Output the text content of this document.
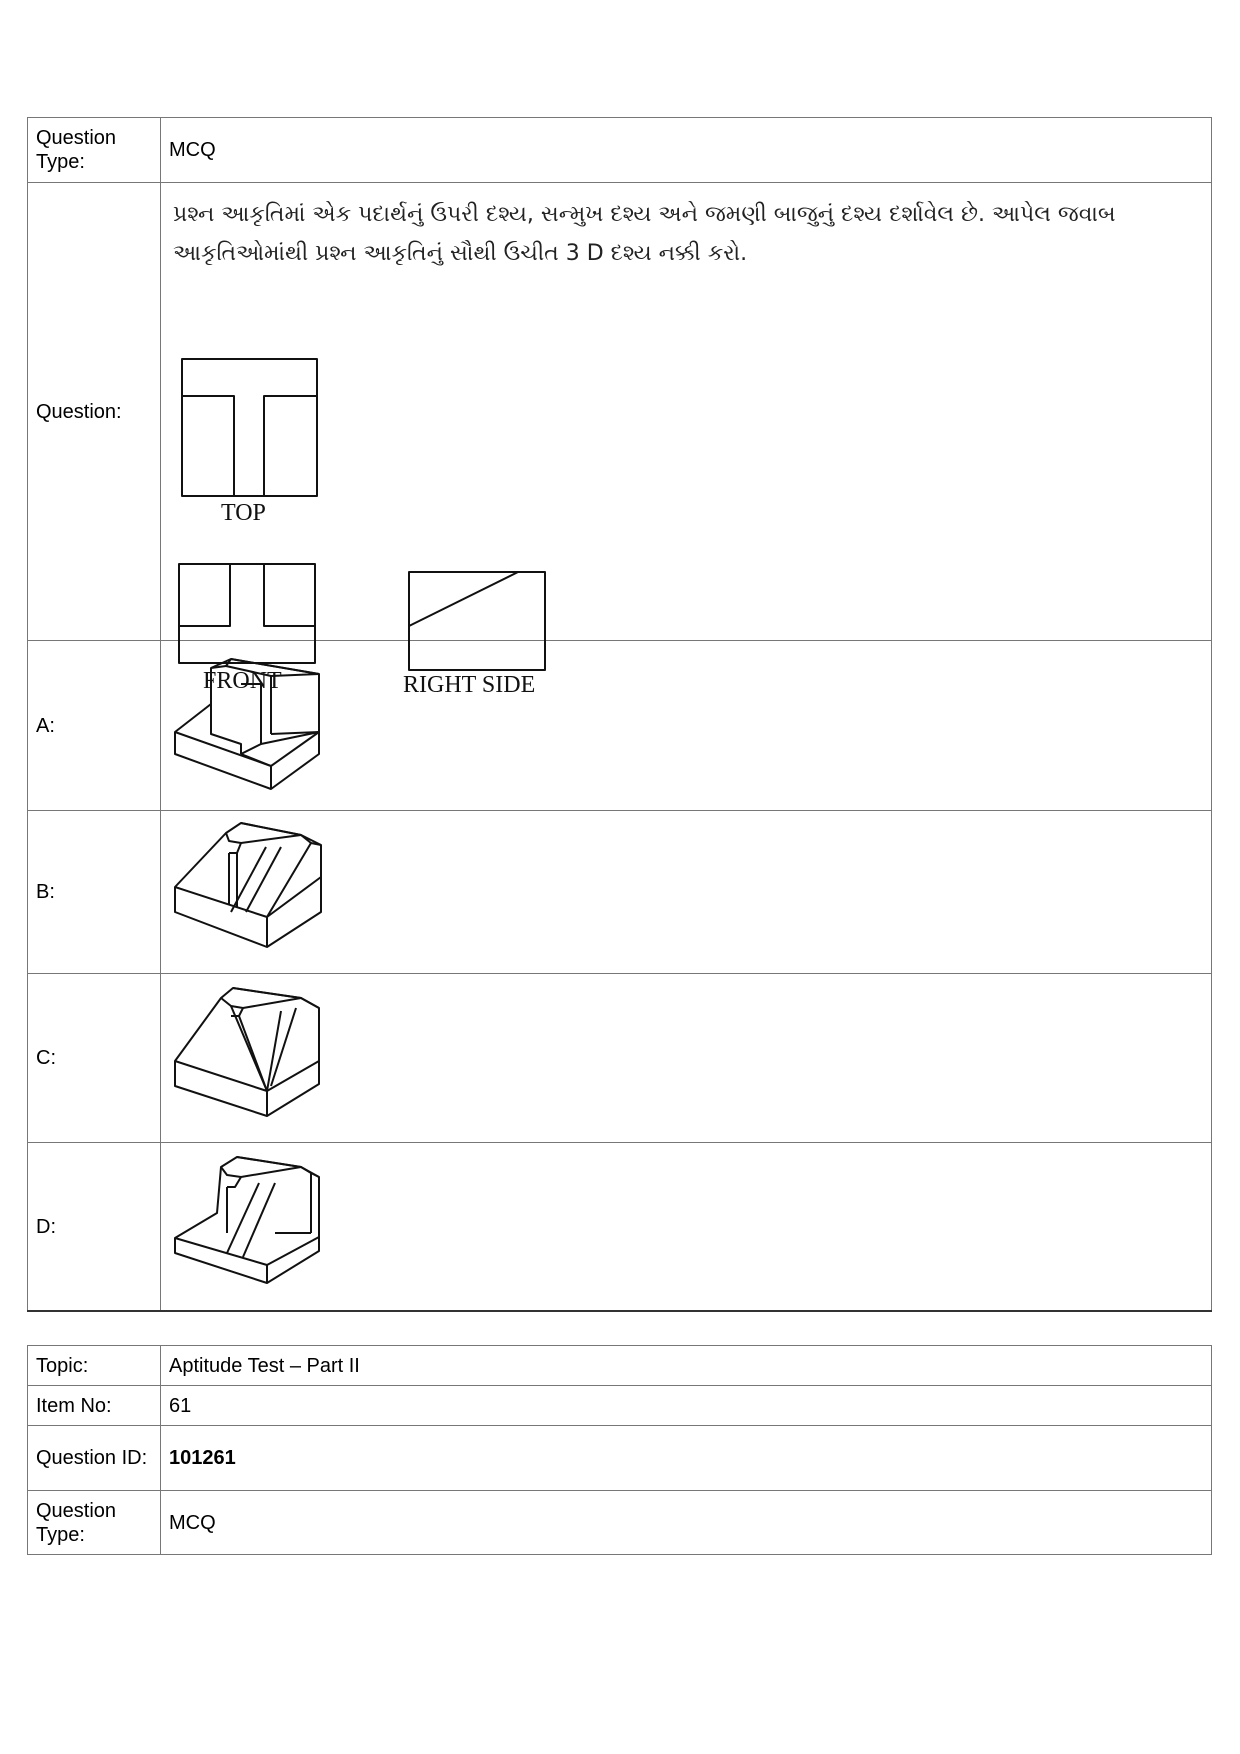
Question Type:	MCQ
Question:	પ્રશ્ન આકૃતિમાં એક પદાર્થનું ઉપરી દશ્ય, સન્મુખ દશ્ય અને જમણી બાજુનું દશ્ય દર્શાવેલ છે. આપેલ જવાબ આકૃતિઓમાંથી પ્રશ્ન આકૃતિનું સૌથી ઉચીત 3 D દશ્ય નક્કી કરો.
TOP
FRONT RIGHT SIDE

A:	

B:	

C:	

D:	
Topic:	Aptitude Test – Part II
Item No:	61
Question ID:	101261
Question Type:	MCQ
